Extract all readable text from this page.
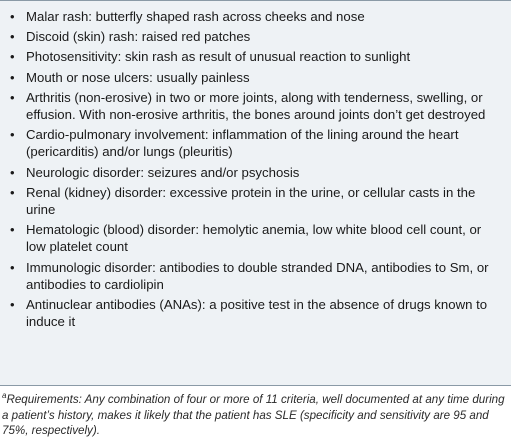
• Malar rash: butterfly shaped rash across cheeks and nose
• Discoid (skin) rash: raised red patches
• Photosensitivity: skin rash as result of unusual reaction to sunlight
• Mouth or nose ulcers: usually painless
• Arthritis (non-erosive) in two or more joints, along with tenderness, swelling, or effusion. With non-erosive arthritis, the bones around joints don’t get destroyed
• Cardio-pulmonary involvement: inflammation of the lining around the heart (pericarditis) and/or lungs (pleuritis)
• Neurologic disorder: seizures and/or psychosis
• Renal (kidney) disorder: excessive protein in the urine, or cellular casts in the urine
• Hematologic (blood) disorder: hemolytic anemia, low white blood cell count, or low platelet count
• Immunologic disorder: antibodies to double stranded DNA, antibodies to Sm, or antibodies to cardiolipin
• Antinuclear antibodies (ANAs): a positive test in the absence of drugs known to induce it
$^a$Requirements: Any combination of four or more of 11 criteria, well documented at any time during a patient’s history, makes it likely that the patient has SLE (specificity and sensitivity are 95 and 75%, respectively).
